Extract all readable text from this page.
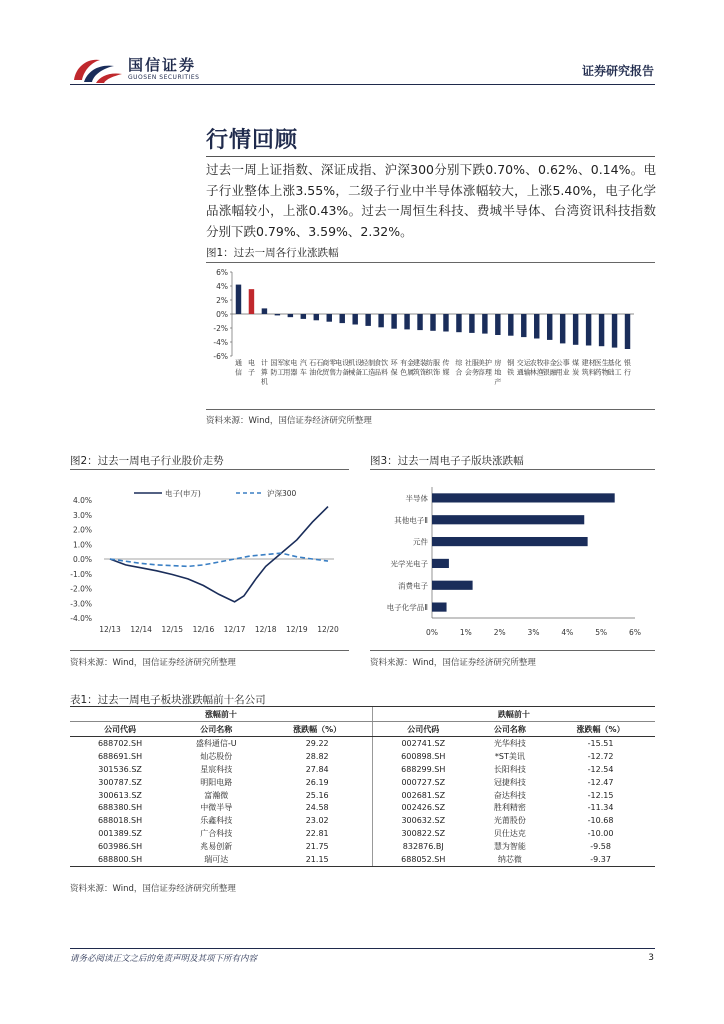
国信证券
GUOSEN SECURITIES	证券研究报告
行情回顾
过去一周上证指数、深证成指、沪深300分别下跌0.70%、0.62%、0.14%。电子行业整体上涨3.55%，二级子行业中半导体涨幅较大，上涨5.40%，电子化学品涨幅较小，上涨0.43%。过去一周恒生科技、费城半导体、台湾资讯科技指数分别下跌0.79%、3.59%、2.32%。
图1：过去一周各行业涨跌幅
6%
4%
2%
0%
-2%
-4%
-6%
通信
电子
计算机
国防军工
家用电器
汽车
石油石化
商贸零售
电力设备
机械设备
轻工制造
食品饮料
环保
有色金属
建筑装饰
纺织服饰
传媒
综合
社会服务
美容护理
房地产
钢铁
交通运输
农林牧渔
非银金融
公用事业
煤炭
建筑材料
医药生物
基础化工
银行
资料来源：Wind，国信证券经济研究所整理
图2：过去一周电子行业股价走势	图3：过去一周电子子版块涨跌幅
电子(申万)	沪深300
4.0%
3.0%
2.0%
1.0%
0.0%
-1.0%
-2.0%
-3.0%
-4.0%
12/13 12/14 12/15 12/16 12/17 12/18 12/19 12/20	0%	1%	2%	3%	4%	5%	6%
半导体
其他电子Ⅱ
元件
光学光电子
消费电子
电子化学品Ⅱ
资料来源：Wind，国信证券经济研究所整理	资料来源：Wind，国信证券经济研究所整理
表1：过去一周电子板块涨跌幅前十名公司
涨幅前十			跌幅前十		
公司代码	公司名称	涨跌幅（%）	公司代码	公司名称	涨跌幅（%）
688702.SH	盛科通信-U	29.22	002741.SZ	光华科技	-15.51
688691.SH	灿芯股份	28.82	600898.SH	*ST美讯	-12.72
301536.SZ	星宸科技	27.84	688299.SH	长阳科技	-12.54
300787.SZ	明阳电路	26.19	000727.SZ	冠捷科技	-12.47
300613.SZ	富瀚微	25.16	002681.SZ	奋达科技	-12.15
688380.SH	中微半导	24.58	002426.SZ	胜利精密	-11.34
688018.SH	乐鑫科技	23.02	300632.SZ	光莆股份	-10.68
001389.SZ	广合科技	22.81	300822.SZ	贝仕达克	-10.00
603986.SH	兆易创新	21.75	832876.BJ	慧为智能	-9.58
688800.SH	瑞可达	21.15	688052.SH	纳芯微	-9.37
资料来源：Wind，国信证券经济研究所整理
请务必阅读正文之后的免责声明及其项下所有内容	3
